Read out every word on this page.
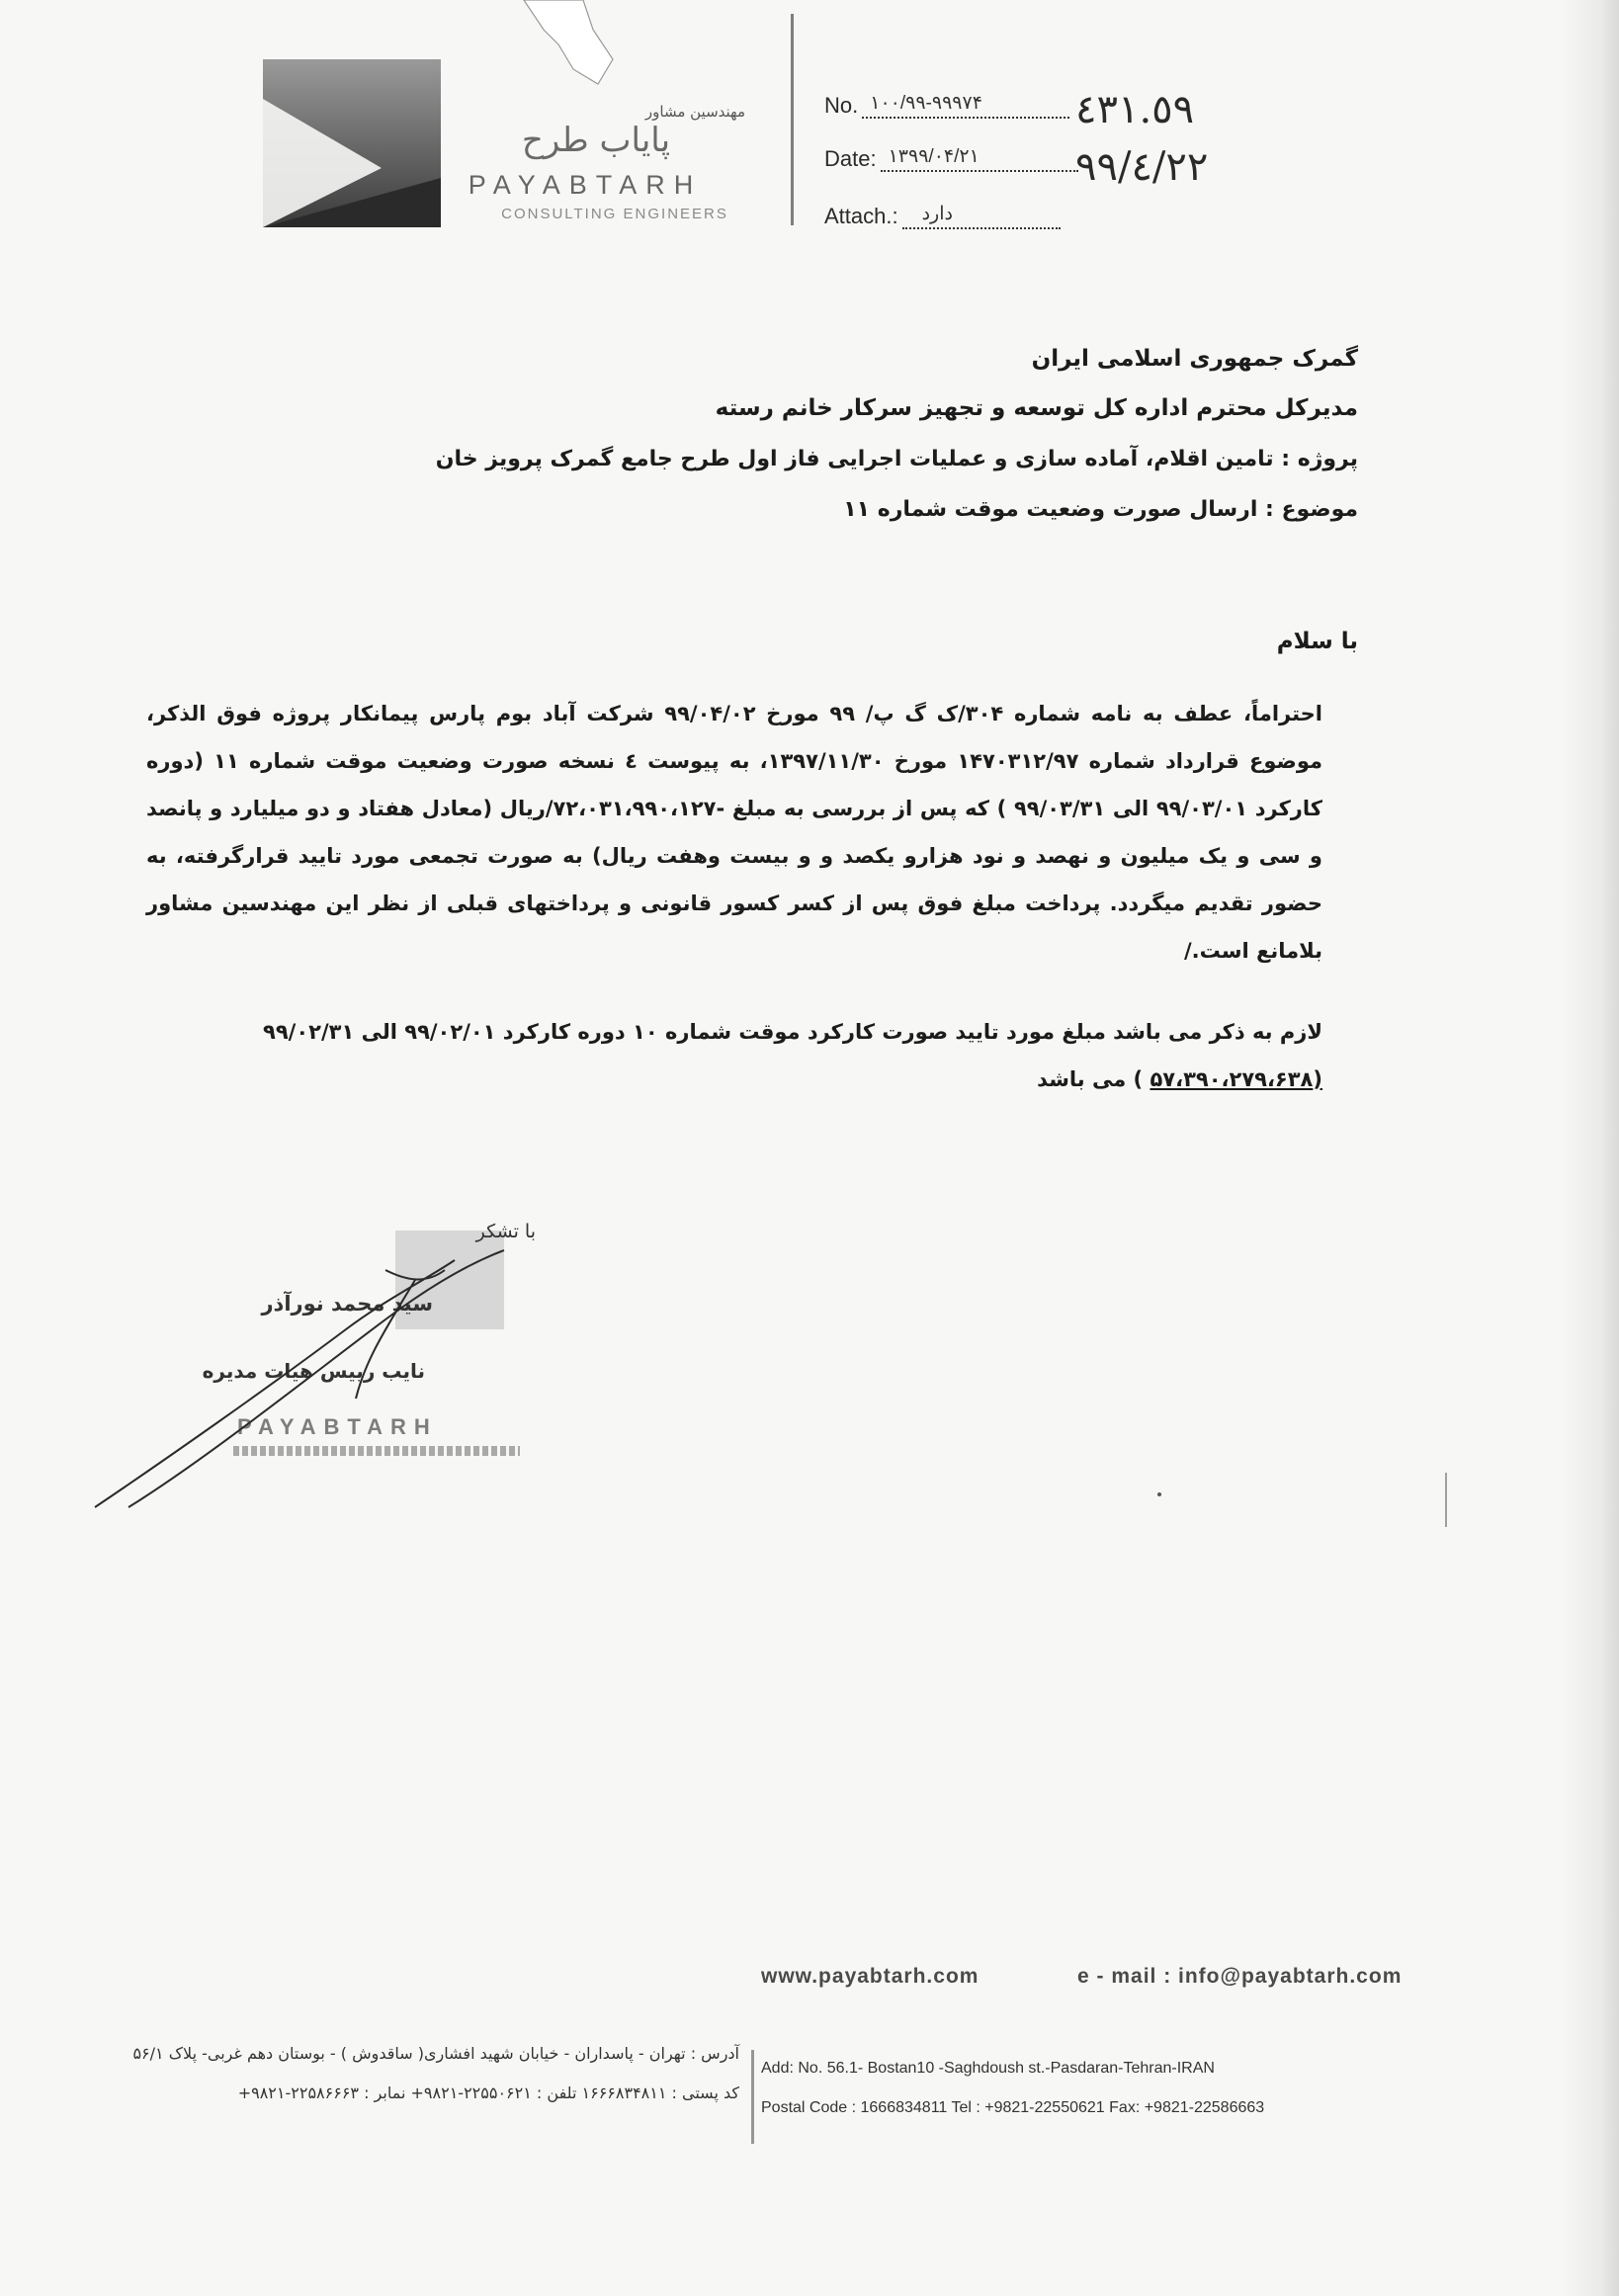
مهندسین مشاور
پایاب طرح
PAYABTARH
CONSULTING ENGINEERS
No. ۱۰۰/۹۹-۹۹۹۷۴ ٤٣١.٥٩
Date: ۱۳۹۹/۰۴/۲۱ ٩٩/٤/٢٢
Attach.: دارد
گمرک جمهوری اسلامی ایران
مدیرکل محترم اداره کل توسعه و تجهیز سرکار خانم رسته
پروژه : تامین اقلام، آماده سازی و عملیات اجرایی فاز اول طرح جامع گمرک پرویز خان
موضوع : ارسال صورت وضعیت موقت شماره ۱۱
با سلام
احتراماً، عطف به نامه شماره ۳۰۴/ک گ پ/ ۹۹ مورخ ۹۹/۰۴/۰۲ شرکت آباد بوم پارس پیمانکار پروژه فوق الذکر، موضوع قرارداد شماره ۱۴۷۰۳۱۲/۹۷ مورخ ۱۳۹۷/۱۱/۳۰، به پیوست ٤ نسخه صورت وضعیت موقت شماره ۱۱ (دوره کارکرد ۹۹/۰۳/۰۱ الی ۹۹/۰۳/۳۱ ) که پس از بررسی به مبلغ -۷۲،۰۳۱،۹۹۰،۱۲۷/ریال (معادل هفتاد و دو میلیارد و پانصد و سی و یک میلیون و نهصد و نود هزارو یکصد و و بیست وهفت ریال) به صورت تجمعی مورد تایید قرارگرفته، به حضور تقدیم میگردد. پرداخت مبلغ فوق پس از کسر کسور قانونی و پرداختهای قبلی از نظر این مهندسین مشاور بلامانع است./
لازم به ذکر می باشد مبلغ مورد تایید صورت کارکرد موقت شماره ۱۰ دوره کارکرد ۹۹/۰۲/۰۱ الی ۹۹/۰۲/۳۱
(۵۷،۳۹۰،۲۷۹،۶۳۸ ) می باشد
با تشکر
سید محمد نورآذر
نایب رییس هیات مدیره
PAYABTARH
www.payabtarh.com	e - mail : info@payabtarh.com
Add: No. 56.1- Bostan10 -Saghdoush st.-Pasdaran-Tehran-IRAN
Postal Code : 1666834811 Tel : +9821-22550621 Fax: +9821-22586663
آدرس : تهران - پاسداران - خیابان شهید افشاری( ساقدوش ) - بوستان دهم غربی- پلاک ۵۶/۱
کد پستی : ۱۶۶۶۸۳۴۸۱۱ تلفن : ۲۲۵۵۰۶۲۱-۹۸۲۱+ نمابر : ۲۲۵۸۶۶۶۳-۹۸۲۱+
